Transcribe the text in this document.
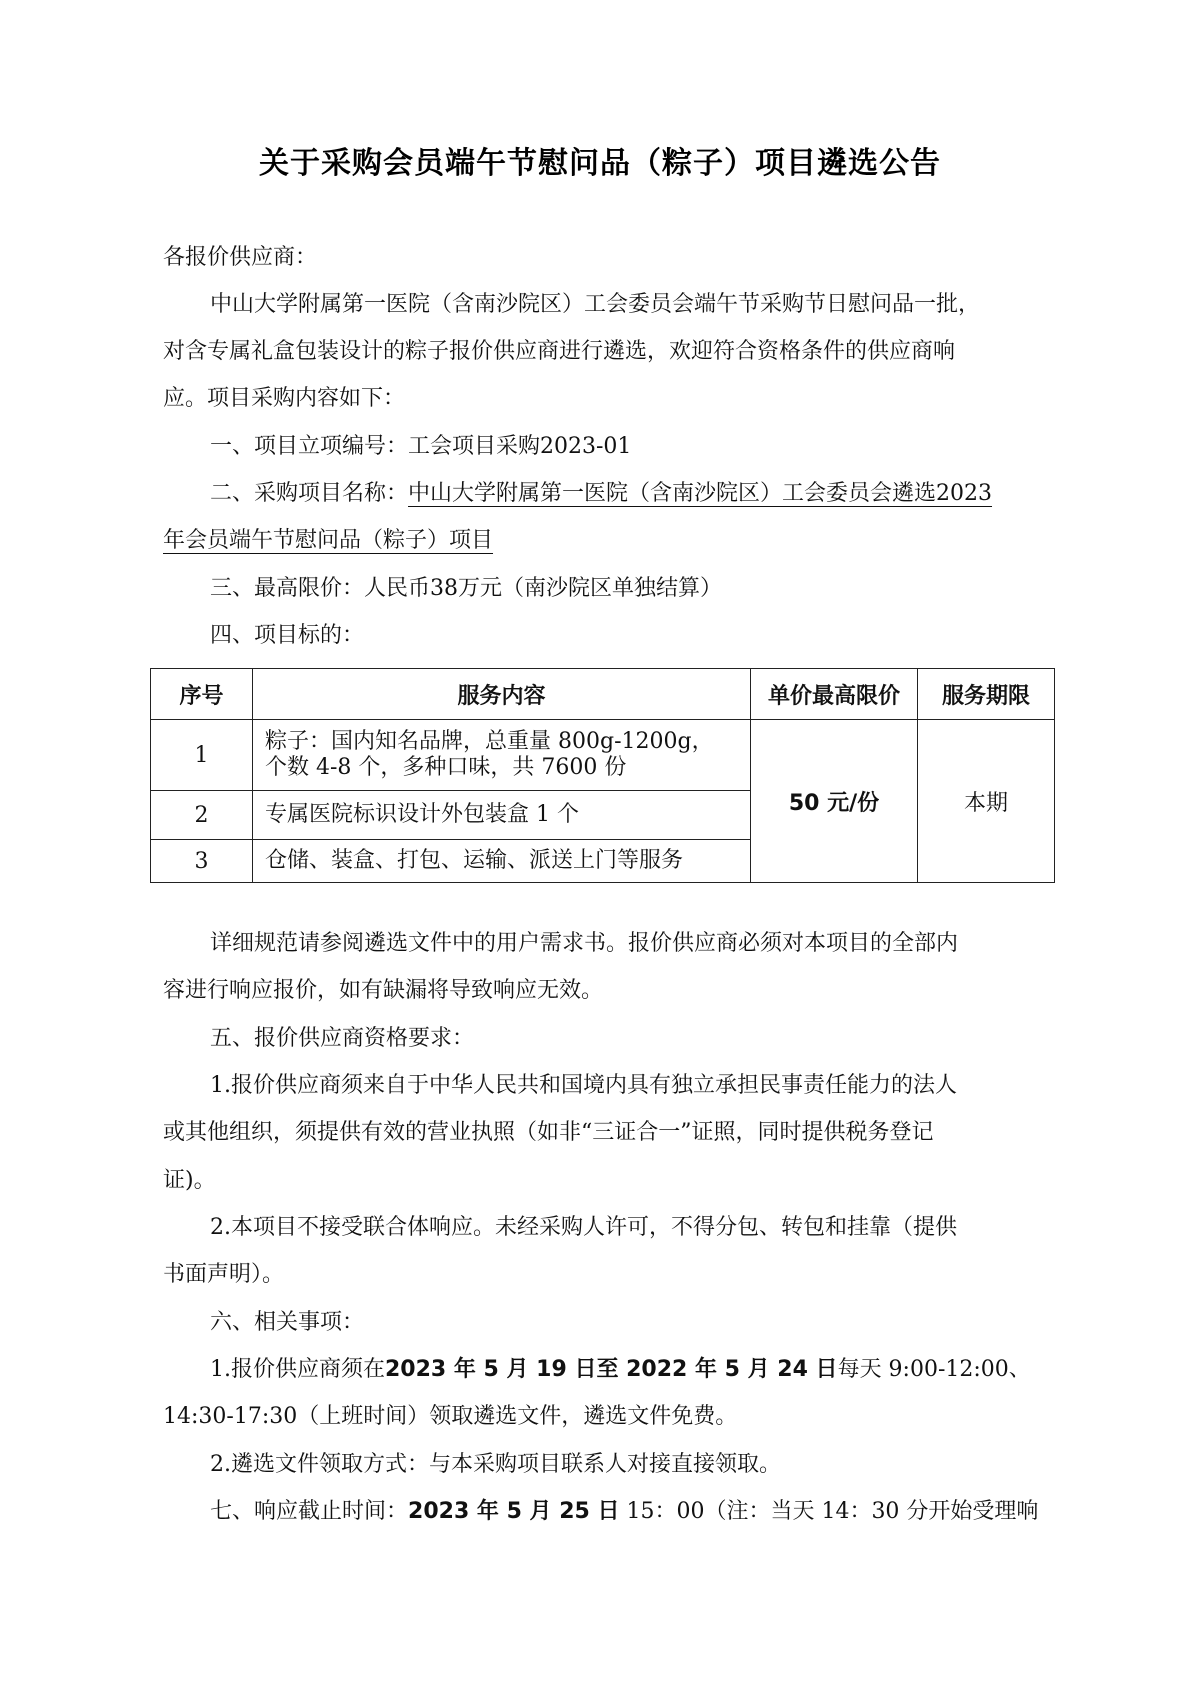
关于采购会员端午节慰问品（粽子）项目遴选公告
各报价供应商：
中山大学附属第一医院（含南沙院区）工会委员会端午节采购节日慰问品一批，
对含专属礼盒包装设计的粽子报价供应商进行遴选，欢迎符合资格条件的供应商响
应。项目采购内容如下：
一、项目立项编号：工会项目采购2023-01
二、采购项目名称：中山大学附属第一医院（含南沙院区）工会委员会遴选2023
年会员端午节慰问品（粽子）项目
三、最高限价：人民币38万元（南沙院区单独结算）
四、项目标的：
序号	服务内容	单价最高限价	服务期限
1	粽子：国内知名品牌，总重量 800g-1200g，
个数 4-8 个，多种口味，共 7600 份	50 元/份	本期
2	专属医院标识设计外包装盒 1 个		
3	仓储、装盒、打包、运输、派送上门等服务		
详细规范请参阅遴选文件中的用户需求书。报价供应商必须对本项目的全部内
容进行响应报价，如有缺漏将导致响应无效。
五、报价供应商资格要求：
1.报价供应商须来自于中华人民共和国境内具有独立承担民事责任能力的法人
或其他组织，须提供有效的营业执照（如非“三证合一”证照，同时提供税务登记
证)。
2.本项目不接受联合体响应。未经采购人许可，不得分包、转包和挂靠（提供
书面声明）。
六、相关事项：
1.报价供应商须在2023 年 5 月 19 日至 2022 年 5 月 24 日每天 9:00-12:00、
14:30-17:30（上班时间）领取遴选文件，遴选文件免费。
2.遴选文件领取方式：与本采购项目联系人对接直接领取。
七、响应截止时间：2023 年 5 月 25 日 15：00（注：当天 14：30 分开始受理响
